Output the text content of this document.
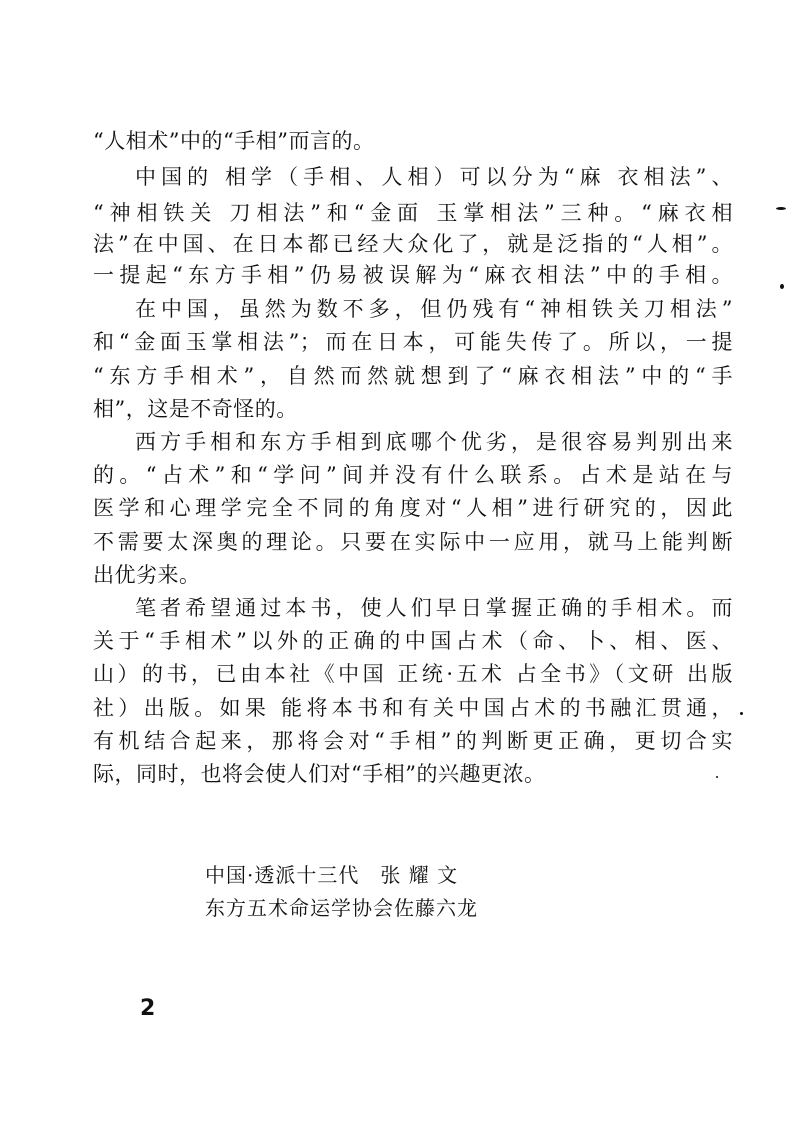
“人相术”中的“手相”而言的。
中国的 相学（手相、人相）可以分为“麻 衣相法”、
“神相铁关 刀相法”和“金面 玉掌相法”三种。“麻衣相
法”在中国、在日本都已经大众化了，就是泛指的“人相”。
一提起“东方手相”仍易被误解为“麻衣相法”中的手相。
在中国，虽然为数不多，但仍残有“神相铁关刀相法”
和“金面玉掌相法”；而在日本，可能失传了。所以，一提
“东方手相术”，自然而然就想到了“麻衣相法”中的“手
相”，这是不奇怪的。
西方手相和东方手相到底哪个优劣，是很容易判别出来
的。“占术”和“学问”间并没有什么联系。占术是站在与
医学和心理学完全不同的角度对“人相”进行研究的，因此
不需要太深奥的理论。只要在实际中一应用，就马上能判断
出优劣来。
笔者希望通过本书，使人们早日掌握正确的手相术。而
关于“手相术”以外的正确的中国占术（命、卜、相、医、
山）的书，已由本社《中国 正统·五术 占全书》（文研 出版
社）出版。如果 能将本书和有关中国占术的书融汇贯通，
有机结合起来，那将会对“手相”的判断更正确，更切合实
际，同时，也将会使人们对“手相”的兴趣更浓。
中国·透派十三代　张 耀 文
东方五术命运学协会佐藤六龙
2
